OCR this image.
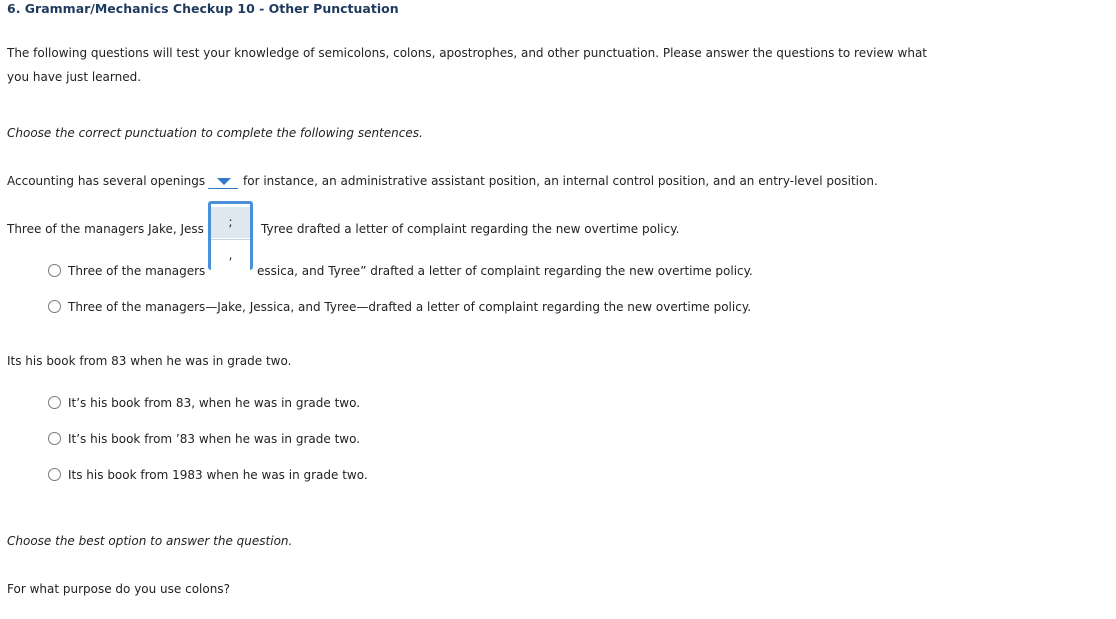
6. Grammar/Mechanics Checkup 10 - Other Punctuation
The following questions will test your knowledge of semicolons, colons, apostrophes, and other punctuation. Please answer the questions to review what you have just learned.
Choose the correct punctuation to complete the following sentences.
Accounting has several openings	for instance, an administrative assistant position, an internal control position, and an entry-level position.
Three of the managers Jake, Jess	Tyree drafted a letter of complaint regarding the new overtime policy.
Three of the managers	essica, and Tyree” drafted a letter of complaint regarding the new overtime policy.
Three of the managers—Jake, Jessica, and Tyree—drafted a letter of complaint regarding the new overtime policy.
Its his book from 83 when he was in grade two.
It’s his book from 83, when he was in grade two.
It’s his book from ’83 when he was in grade two.
Its his book from 1983 when he was in grade two.
Choose the best option to answer the question.
For what purpose do you use colons?
;
,
